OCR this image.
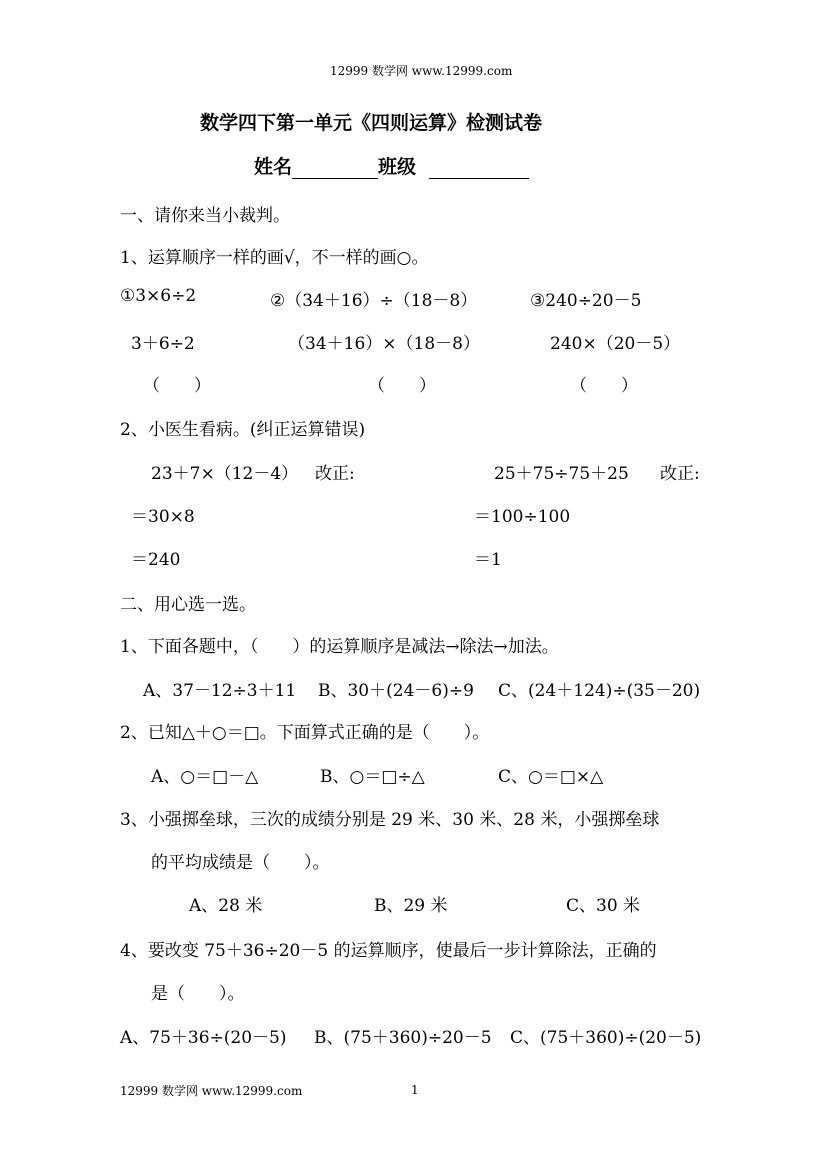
12999 数学网 www.12999.com
数学四下第一单元《四则运算》检测试卷
姓名	班级
一、请你来当小裁判。
1、运算顺序一样的画√，不一样的画○。
①3×6÷2	②（34＋16）÷（18－8）	③240÷20－5
3＋6÷2	（34＋16）×（18－8）	240×（20－5）
（　　）	（　　）	（　　）
2、小医生看病。(纠正运算错误)
23＋7×（12－4） 改正:	25＋75÷75＋25 改正:
＝30×8	＝100÷100
＝240	＝1
二、用心选一选。
1、下面各题中，（　　）的运算顺序是减法→除法→加法。
A、37－12÷3＋11 B、30＋(24－6)÷9 C、(24＋124)÷(35－20)
2、已知△＋○＝□。下面算式正确的是（　　）。
A、○＝□－△	B、○＝□÷△	C、○＝□×△
3、小强掷垒球，三次的成绩分别是 29 米、30 米、28 米，小强掷垒球
的平均成绩是（　　）。
A、28 米	B、29 米	C、30 米
4、要改变 75＋36÷20－5 的运算顺序，使最后一步计算除法，正确的
是（　　）。
A、75＋36÷(20－5) B、(75＋360)÷20－5 C、(75＋360)÷(20－5)
12999 数学网 www.12999.com	1
